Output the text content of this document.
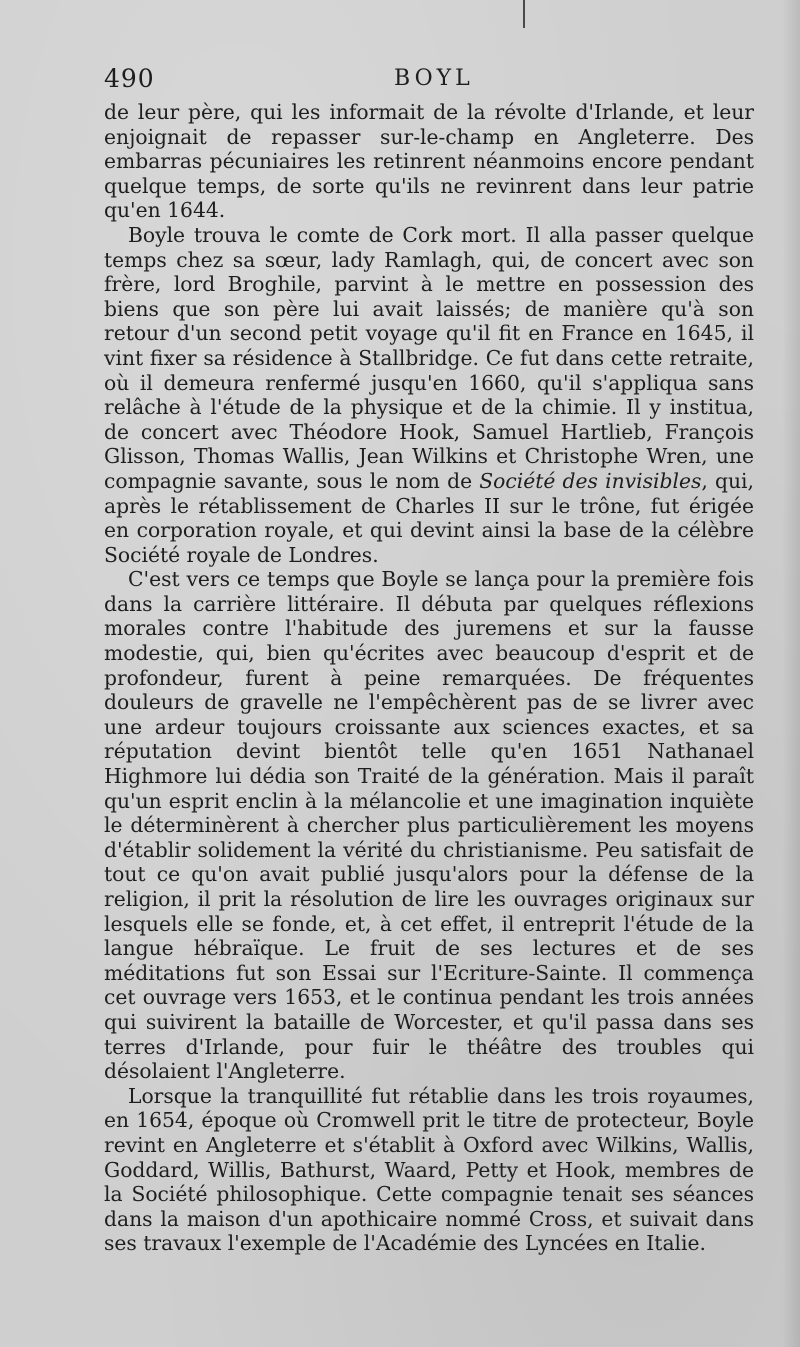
490	BOYL

de leur père, qui les informait de la révolte d'Irlande, et leur enjoignait de repasser sur-le-champ en Angleterre. Des embarras pécuniaires les retinrent néanmoins encore pendant quelque temps, de sorte qu'ils ne revinrent dans leur patrie qu'en 1644.

Boyle trouva le comte de Cork mort. Il alla passer quelque temps chez sa sœur, lady Ramlagh, qui, de concert avec son frère, lord Broghile, parvint à le mettre en possession des biens que son père lui avait laissés; de manière qu'à son retour d'un second petit voyage qu'il fit en France en 1645, il vint fixer sa résidence à Stallbridge. Ce fut dans cette retraite, où il demeura renfermé jusqu'en 1660, qu'il s'appliqua sans relâche à l'étude de la physique et de la chimie. Il y institua, de concert avec Théodore Hook, Samuel Hartlieb, François Glisson, Thomas Wallis, Jean Wilkins et Christophe Wren, une compagnie savante, sous le nom de Société des invisibles, qui, après le rétablissement de Charles II sur le trône, fut érigée en corporation royale, et qui devint ainsi la base de la célèbre Société royale de Londres.

C'est vers ce temps que Boyle se lança pour la première fois dans la carrière littéraire. Il débuta par quelques réflexions morales contre l'habitude des juremens et sur la fausse modestie, qui, bien qu'écrites avec beaucoup d'esprit et de profondeur, furent à peine remarquées. De fréquentes douleurs de gravelle ne l'empêchèrent pas de se livrer avec une ardeur toujours croissante aux sciences exactes, et sa réputation devint bientôt telle qu'en 1651 Nathanael Highmore lui dédia son Traité de la génération. Mais il paraît qu'un esprit enclin à la mélancolie et une imagination inquiète le déterminèrent à chercher plus particulièrement les moyens d'établir solidement la vérité du christianisme. Peu satisfait de tout ce qu'on avait publié jusqu'alors pour la défense de la religion, il prit la résolution de lire les ouvrages originaux sur lesquels elle se fonde, et, à cet effet, il entreprit l'étude de la langue hébraïque. Le fruit de ses lectures et de ses méditations fut son Essai sur l'Ecriture-Sainte. Il commença cet ouvrage vers 1653, et le continua pendant les trois années qui suivirent la bataille de Worcester, et qu'il passa dans ses terres d'Irlande, pour fuir le théâtre des troubles qui désolaient l'Angleterre.

Lorsque la tranquillité fut rétablie dans les trois royaumes, en 1654, époque où Cromwell prit le titre de protecteur, Boyle revint en Angleterre et s'établit à Oxford avec Wilkins, Wallis, Goddard, Willis, Bathurst, Waard, Petty et Hook, membres de la Société philosophique. Cette compagnie tenait ses séances dans la maison d'un apothicaire nommé Cross, et suivait dans ses travaux l'exemple de l'Académie des Lyncées en Italie.
